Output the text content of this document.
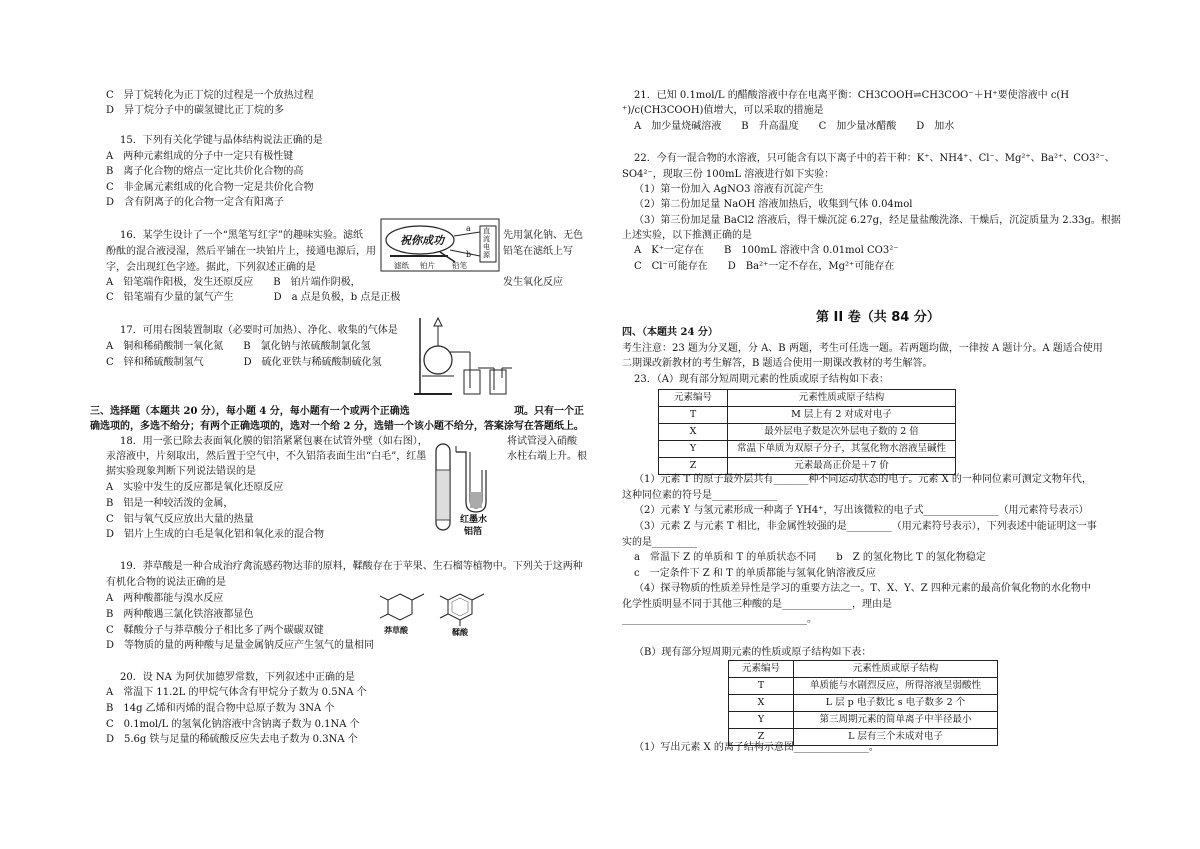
C　异丁烷转化为正丁烷的过程是一个放热过程
D　异丁烷分子中的碳氢键比正丁烷的多
15．下列有关化学键与晶体结构说法正确的是
A　两种元素组成的分子中一定只有极性键
B　离子化合物的熔点一定比共价化合物的高
C　非金属元素组成的化合物一定是共价化合物
D　含有阴离子的化合物一定含有阳离子
16．某学生设计了一个“黑笔写红字”的趣味实验。滤纸	先用氯化钠、无色
酚酞的混合液浸湿，然后平铺在一块铂片上，接通电源后，用	铅笔在滤纸上写
字，会出现红色字迹。据此，下列叙述正确的是
A　铅笔端作阳极，发生还原反应　　B　铂片端作阴极，	发生氧化反应
C　铅笔端有少量的氯气产生　　　　D　a 点是负极，b 点是正极
祝你成功
直流电源
a
b
滤纸 铂片 铅笔
17．可用右图装置制取（必要时可加热）、净化、收集的气体是
A　铜和稀硝酸制一氧化氮　　B　氯化钠与浓硫酸制氯化氢
C　锌和稀硫酸制氢气　　　　D　硫化亚铁与稀硫酸制硫化氢
三、选择题（本题共 20 分），每小题 4 分，每小题有一个或两个正确选	项。只有一个正
确选项的，多选不给分；有两个正确选项的，选对一个给 2 分，选错一个该小题不给分，答案涂写在答题纸上。
18．用一张已除去表面氧化膜的铝箔紧紧包裹在试管外壁（如右图），	将试管浸入硝酸
汞溶液中，片刻取出，然后置于空气中，不久铝箔表面生出“白毛”，红墨	水柱右端上升。根
据实验现象判断下列说法错误的是
A　实验中发生的反应都是氧化还原反应
B　铝是一种较活泼的金属，
C　铝与氧气反应放出大量的热量
D　铝片上生成的白毛是氧化铝和氧化汞的混合物
红墨水
铝箔
19．莽草酸是一种合成治疗禽流感药物达菲的原料，鞣酸存在于苹果、生石榴等植物中。下列关于这两种
有机化合物的说法正确的是
A　两种酸都能与溴水反应
B　两种酸遇三氯化铁溶液都显色
C　鞣酸分子与莽草酸分子相比多了两个碳碳双键
D　等物质的量的两种酸与足量金属钠反应产生氢气的量相同
莽草酸	鞣酸
20．设 NA 为阿伏加德罗常数，下列叙述中正确的是
A　常温下 11.2L 的甲烷气体含有甲烷分子数为 0.5NA 个
B　14g 乙烯和丙烯的混合物中总原子数为 3NA 个
C　0.1mol/L 的氢氧化钠溶液中含钠离子数为 0.1NA 个
D　5.6g 铁与足量的稀硫酸反应失去电子数为 0.3NA 个
21．已知 0.1mol/L 的醋酸溶液中存在电离平衡：CH3COOH⇌CH3COO⁻＋H⁺要使溶液中 c(H
⁺)/c(CH3COOH)值增大，可以采取的措施是
A　加少量烧碱溶液　　B　升高温度　　C　加少量冰醋酸　　D　加水
22．今有一混合物的水溶液，只可能含有以下离子中的若干种：K⁺、NH4⁺、Cl⁻、Mg²⁺、Ba²⁺、CO3²⁻、
SO4²⁻，现取三份 100mL 溶液进行如下实验：
（1）第一份加入 AgNO3 溶液有沉淀产生
（2）第二份加足量 NaOH 溶液加热后，收集到气体 0.04mol
（3）第三份加足量 BaCl2 溶液后，得干燥沉淀 6.27g，经足量盐酸洗涤、干燥后，沉淀质量为 2.33g。根据
上述实验，以下推测正确的是
A　K⁺一定存在　　B　100mL 溶液中含 0.01mol CO3²⁻
C　Cl⁻可能存在　　D　Ba²⁺一定不存在，Mg²⁺可能存在
第 II 卷（共 84 分）
四、（本题共 24 分）
考生注意：23 题为分叉题，分 A、B 两题，考生可任选一题。若两题均做，一律按 A 题计分。A 题适合使用
二期课改新教材的考生解答，B 题适合使用一期课改教材的考生解答。
23．（A）现有部分短周期元素的性质或原子结构如下表：
元素编号	元素性质或原子结构
T	M 层上有 2 对成对电子
X	最外层电子数是次外层电子数的 2 倍
Y	常温下单质为双原子分子，其氢化物水溶液呈碱性
Z	元素最高正价是＋7 价
（1）元素 T 的原子最外层共有_______种不同运动状态的电子。元素 X 的一种同位素可测定文物年代，
这种同位素的符号是_____________
（2）元素 Y 与氢元素形成一种离子 YH4⁺，写出该微粒的电子式_______________（用元素符号表示）
（3）元素 Z 与元素 T 相比，非金属性较强的是_________（用元素符号表示），下列表述中能证明这一事
实的是_________
a　常温下 Z 的单质和 T 的单质状态不同　　b　Z 的氢化物比 T 的氢化物稳定
c　一定条件下 Z 和 T 的单质都能与氢氧化钠溶液反应
（4）探寻物质的性质差异性是学习的重要方法之一。T、X、Y、Z 四种元素的最高价氧化物的水化物中
化学性质明显不同于其他三种酸的是______________，理由是
_____________________________________。
（B）现有部分短周期元素的性质或原子结构如下表：
元素编号	元素性质或原子结构
T	单质能与水剧烈反应，所得溶液呈弱酸性
X	L 层 p 电子数比 s 电子数多 2 个
Y	第三周期元素的简单离子中半径最小
Z	L 层有三个未成对电子
（1）写出元素 X 的离子结构示意图_______________。
